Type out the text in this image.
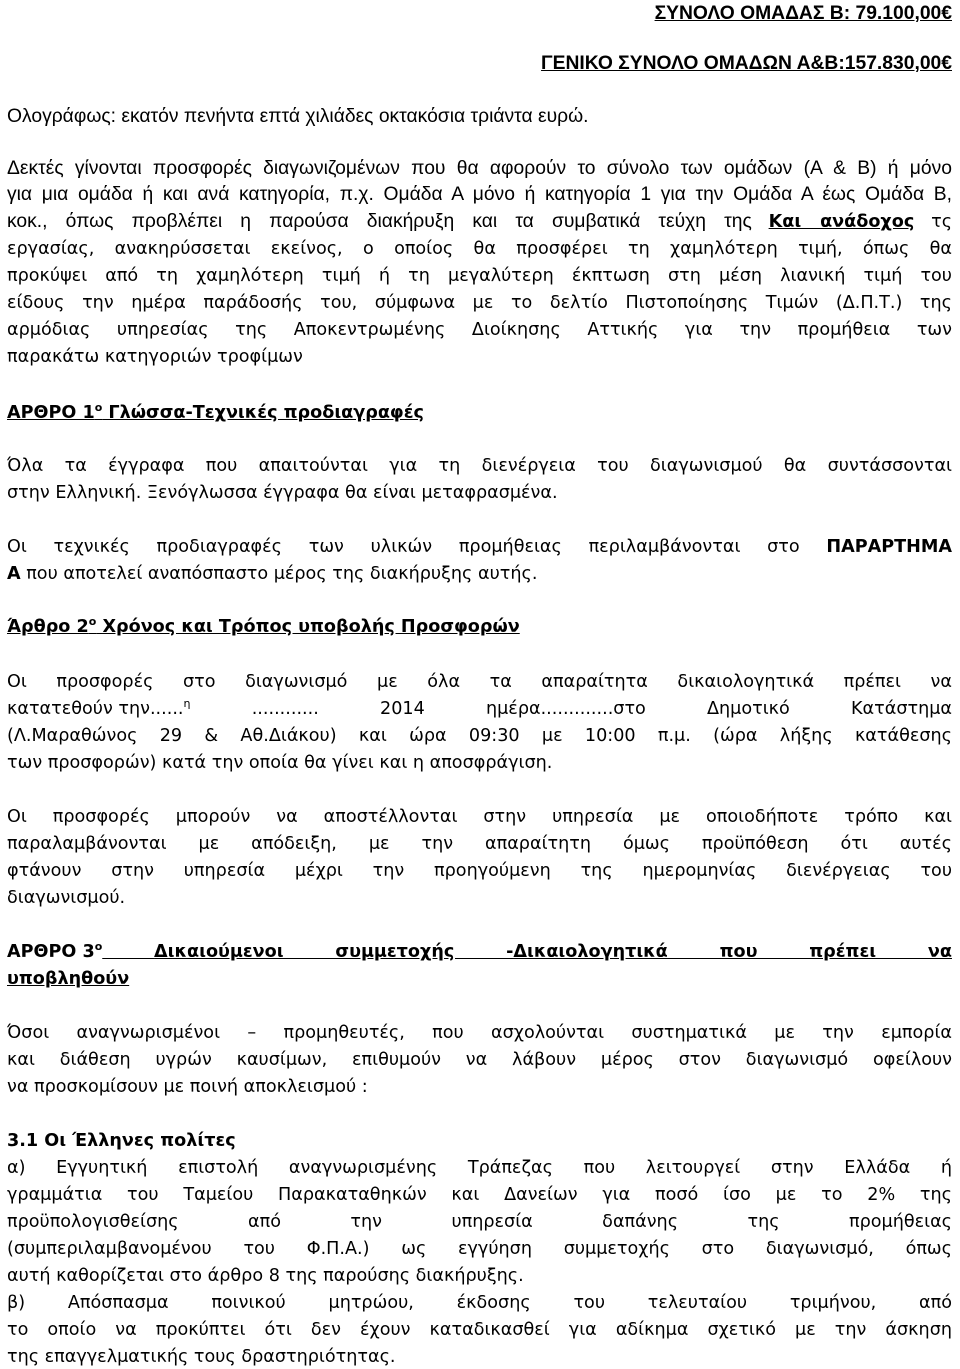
ΣΥΝΟΛΟ ΟΜΑΔΑΣ Β: 79.100,00€
ΓΕΝΙΚΟ ΣΥΝΟΛΟ ΟΜΑΔΩΝ Α&Β:157.830,00€
Ολογράφως: εκατόν πενήντα επτά χιλιάδες οκτακόσια τριάντα ευρώ.
Δεκτές γίνονται προσφορές διαγωνιζομένων που θα αφορούν το σύνολο των ομάδων (Α & Β) ή μόνο
για μια ομάδα ή και ανά κατηγορία, π.χ. Ομάδα Α μόνο ή κατηγορία 1 για την Ομάδα Α έως Ομάδα Β,
κοκ., όπως προβλέπει η παρούσα διακήρυξη και τα συμβατικά τεύχη της Και ανάδοχος τς
εργασίας, ανακηρύσσεται εκείνος, ο οποίος θα προσφέρει τη χαμηλότερη τιμή, όπως θα
προκύψει από τη χαμηλότερη τιμή ή τη μεγαλύτερη έκπτωση στη μέση λιανική τιμή του
είδους την ημέρα παράδοσής του, σύμφωνα με το δελτίο Πιστοποίησης Τιμών (Δ.Π.Τ.) της
αρμόδιας υπηρεσίας της Αποκεντρωμένης Διοίκησης Αττικής για την προμήθεια των
παρακάτω κατηγοριών τροφίμων
ΑΡΘΡΟ $1^o$ Γλώσσα-Τεχνικές προδιαγραφές
Όλα τα έγγραφα που απαιτούνται για τη διενέργεια του διαγωνισμού θα συντάσσονται
στην Ελληνική. Ξενόγλωσσα έγγραφα θα είναι μεταφρασμένα.
Οι τεχνικές προδιαγραφές των υλικών προμήθειας περιλαμβάνονται στο ΠΑΡΑΡΤΗΜΑ
Α που αποτελεί αναπόσπαστο μέρος της διακήρυξης αυτής.
Άρθρο $2^o$ Χρόνος και Τρόπος υποβολής Προσφορών
Οι προσφορές στο διαγωνισμό με όλα τα απαραίτητα δικαιολογητικά πρέπει να
κατατεθούν την......$^\eta$	............ 2014 ημέρα.............στο Δημοτικό Κατάστημα
(Λ.Μαραθώνος 29 & Αθ.Διάκου) και ώρα 09:30 με 10:00 π.μ. (ώρα λήξης κατάθεσης
των προσφορών) κατά την οποία θα γίνει και η αποσφράγιση.
Οι προσφορές μπορούν να αποστέλλονται στην υπηρεσία με οποιοδήποτε τρόπο και
παραλαμβάνονται με απόδειξη, με την απαραίτητη όμως προϋπόθεση ότι αυτές
φτάνουν στην υπηρεσία μέχρι την προηγούμενη της ημερομηνίας διενέργειας του
διαγωνισμού.
ΑΡΘΡΟ $3^o$	Δικαιούμενοι συμμετοχής -Δικαιολογητικά που πρέπει να
υποβληθούν
Όσοι αναγνωρισμένοι – προμηθευτές, που ασχολούνται συστηματικά με την εμπορία
και διάθεση υγρών καυσίμων, επιθυμούν να λάβουν μέρος στον διαγωνισμό οφείλουν
να προσκομίσουν με ποινή αποκλεισμού :
3.1 Οι Έλληνες πολίτες
α) Εγγυητική επιστολή αναγνωρισμένης Τράπεζας που λειτουργεί στην Ελλάδα ή
γραμμάτια του Ταμείου Παρακαταθηκών και Δανείων για ποσό ίσο με το 2% της
προϋπολογισθείσης από την υπηρεσία δαπάνης της προμήθειας
(συμπεριλαμβανομένου του Φ.Π.Α.) ως εγγύηση συμμετοχής στο διαγωνισμό, όπως
αυτή καθορίζεται στο άρθρο 8 της παρούσης διακήρυξης.
β) Απόσπασμα ποινικού μητρώου, έκδοσης του τελευταίου τριμήνου, από
το οποίο να προκύπτει ότι δεν έχουν καταδικασθεί για αδίκημα σχετικό με την άσκηση
της επαγγελματικής τους δραστηριότητας.
